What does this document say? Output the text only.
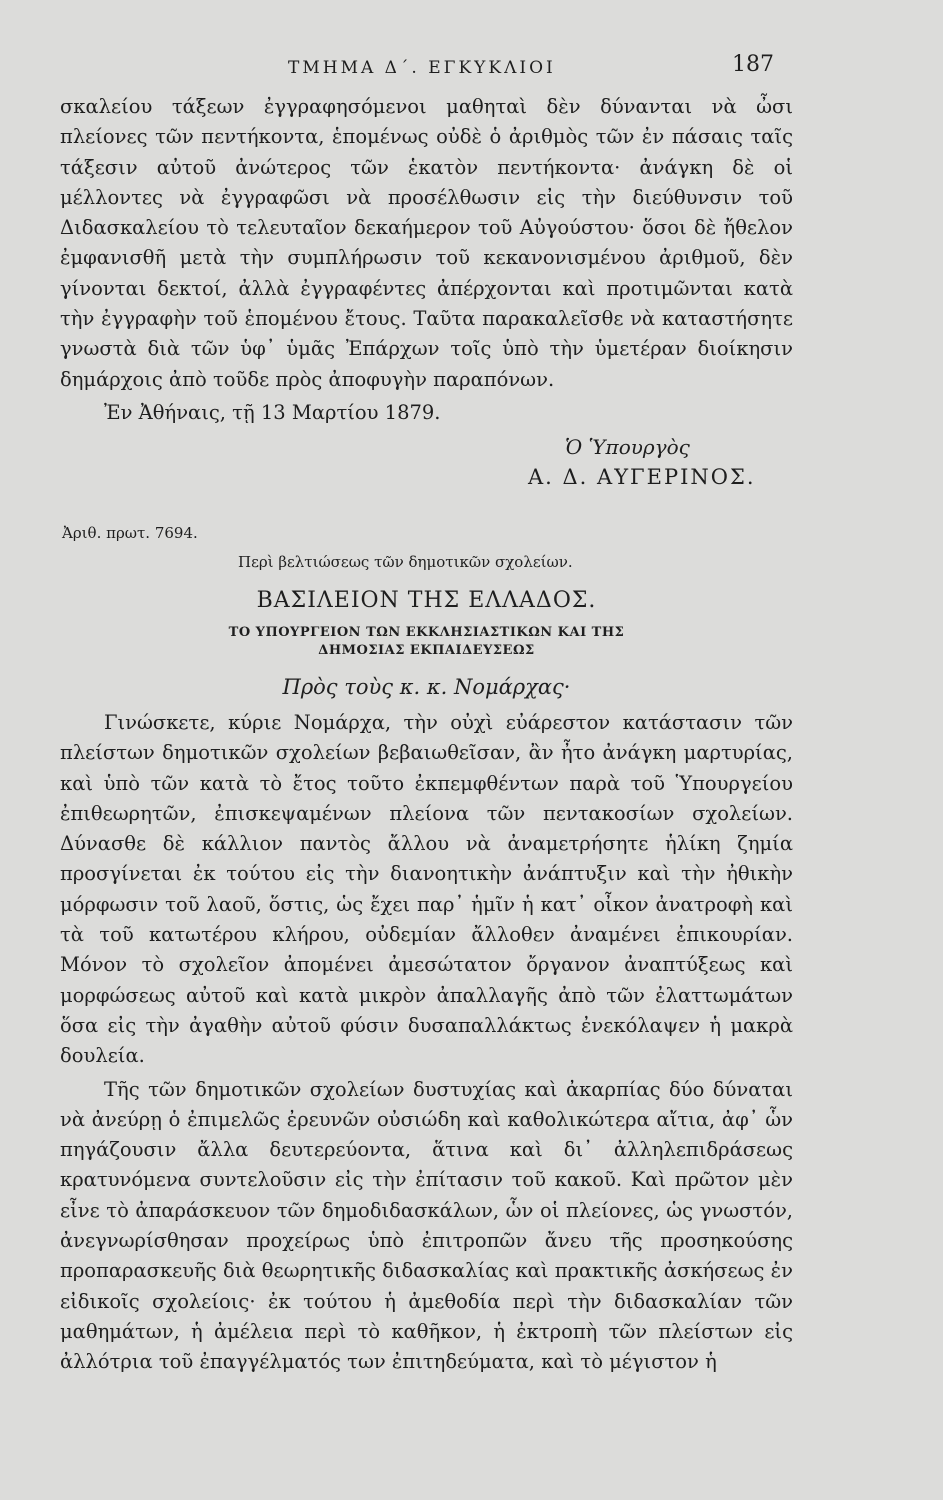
ΤΜΗΜΑ Δ΄. ΕΓΚΥΚΛΙΟΙ	187

σκαλείου τάξεων ἐγγραφησόμενοι μαθηταὶ δὲν δύνανται νὰ ὦσι πλείονες τῶν πεντήκοντα, ἑπομένως οὐδὲ ὁ ἀριθμὸς τῶν ἐν πάσαις ταῖς τάξεσιν αὐτοῦ ἀνώτερος τῶν ἑκατὸν πεντήκοντα· ἀνάγκη δὲ οἱ μέλλοντες νὰ ἐγγραφῶσι νὰ προσέλθωσιν εἰς τὴν διεύθυνσιν τοῦ Διδασκαλείου τὸ τελευταῖον δεκαήμερον τοῦ Αὐγούστου· ὅσοι δὲ ἤθελον ἐμφανισθῆ μετὰ τὴν συμπλήρωσιν τοῦ κεκανονισμένου ἀριθμοῦ, δὲν γίνονται δεκτοί, ἀλλὰ ἐγγραφέντες ἀπέρχονται καὶ προτιμῶνται κατὰ τὴν ἐγγραφὴν τοῦ ἑπομένου ἔτους. Ταῦτα παρακαλεῖσθε νὰ καταστήσητε γνωστὰ διὰ τῶν ὑφ᾽ ὑμᾶς Ἐπάρχων τοῖς ὑπὸ τὴν ὑμετέραν διοίκησιν δημάρχοις ἀπὸ τοῦδε πρὸς ἀποφυγὴν παραπόνων.

Ἐν Ἀθήναις, τῇ 13 Μαρτίου 1879.

Ὁ Ὑπουργὸς

Α. Δ. ΑΥΓΕΡΙΝΟΣ.

Ἀριθ. πρωτ. 7694.

Περὶ βελτιώσεως τῶν δημοτικῶν σχολείων.

ΒΑΣΙΛΕΙΟΝ ΤΗΣ ΕΛΛΑΔΟΣ.

ΤΟ ΥΠΟΥΡΓΕΙΟΝ ΤΩΝ ΕΚΚΛΗΣΙΑΣΤΙΚΩΝ ΚΑΙ ΤΗΣ
ΔΗΜΟΣΙΑΣ ΕΚΠΑΙΔΕΥΣΕΩΣ

Πρὸς τοὺς κ. κ. Νομάρχας·

Γινώσκετε, κύριε Νομάρχα, τὴν οὐχὶ εὐάρεστον κατάστασιν τῶν πλείστων δημοτικῶν σχολείων βεβαιωθεῖσαν, ἂν ἦτο ἀνάγκη μαρτυρίας, καὶ ὑπὸ τῶν κατὰ τὸ ἔτος τοῦτο ἐκπεμφθέντων παρὰ τοῦ Ὑπουργείου ἐπιθεωρητῶν, ἐπισκεψαμένων πλείονα τῶν πεντακοσίων σχολείων. Δύνασθε δὲ κάλλιον παντὸς ἄλλου νὰ ἀναμετρήσητε ἡλίκη ζημία προσγίνεται ἐκ τούτου εἰς τὴν διανοητικὴν ἀνάπτυξιν καὶ τὴν ἠθικὴν μόρφωσιν τοῦ λαοῦ, ὅστις, ὡς ἔχει παρ᾽ ἡμῖν ἡ κατ᾽ οἶκον ἀνατροφὴ καὶ τὰ τοῦ κατωτέρου κλήρου, οὐδεμίαν ἄλλοθεν ἀναμένει ἐπικουρίαν. Μόνον τὸ σχολεῖον ἀπομένει ἀμεσώτατον ὄργανον ἀναπτύξεως καὶ μορφώσεως αὐτοῦ καὶ κατὰ μικρὸν ἀπαλλαγῆς ἀπὸ τῶν ἐλαττωμάτων ὅσα εἰς τὴν ἀγαθὴν αὐτοῦ φύσιν δυσαπαλλάκτως ἐνεκόλαψεν ἡ μακρὰ δουλεία.

Τῆς τῶν δημοτικῶν σχολείων δυστυχίας καὶ ἀκαρπίας δύο δύναται νὰ ἀνεύρῃ ὁ ἐπιμελῶς ἐρευνῶν οὐσιώδη καὶ καθολικώτερα αἴτια, ἀφ᾽ ὧν πηγάζουσιν ἄλλα δευτερεύοντα, ἅτινα καὶ δι᾽ ἀλληλεπιδράσεως κρατυνόμενα συντελοῦσιν εἰς τὴν ἐπίτασιν τοῦ κακοῦ. Καὶ πρῶτον μὲν εἶνε τὸ ἀπαράσκευον τῶν δημοδιδασκάλων, ὧν οἱ πλείονες, ὡς γνωστόν, ἀνεγνωρίσθησαν προχείρως ὑπὸ ἐπιτροπῶν ἄνευ τῆς προσηκούσης προπαρασκευῆς διὰ θεωρητικῆς διδασκαλίας καὶ πρακτικῆς ἀσκήσεως ἐν εἰδικοῖς σχολείοις· ἐκ τούτου ἡ ἀμεθοδία περὶ τὴν διδασκαλίαν τῶν μαθημάτων, ἡ ἀμέλεια περὶ τὸ καθῆκον, ἡ ἐκτροπὴ τῶν πλείστων εἰς ἀλλότρια τοῦ ἐπαγγέλματός των ἐπιτηδεύματα, καὶ τὸ μέγιστον ἡ
